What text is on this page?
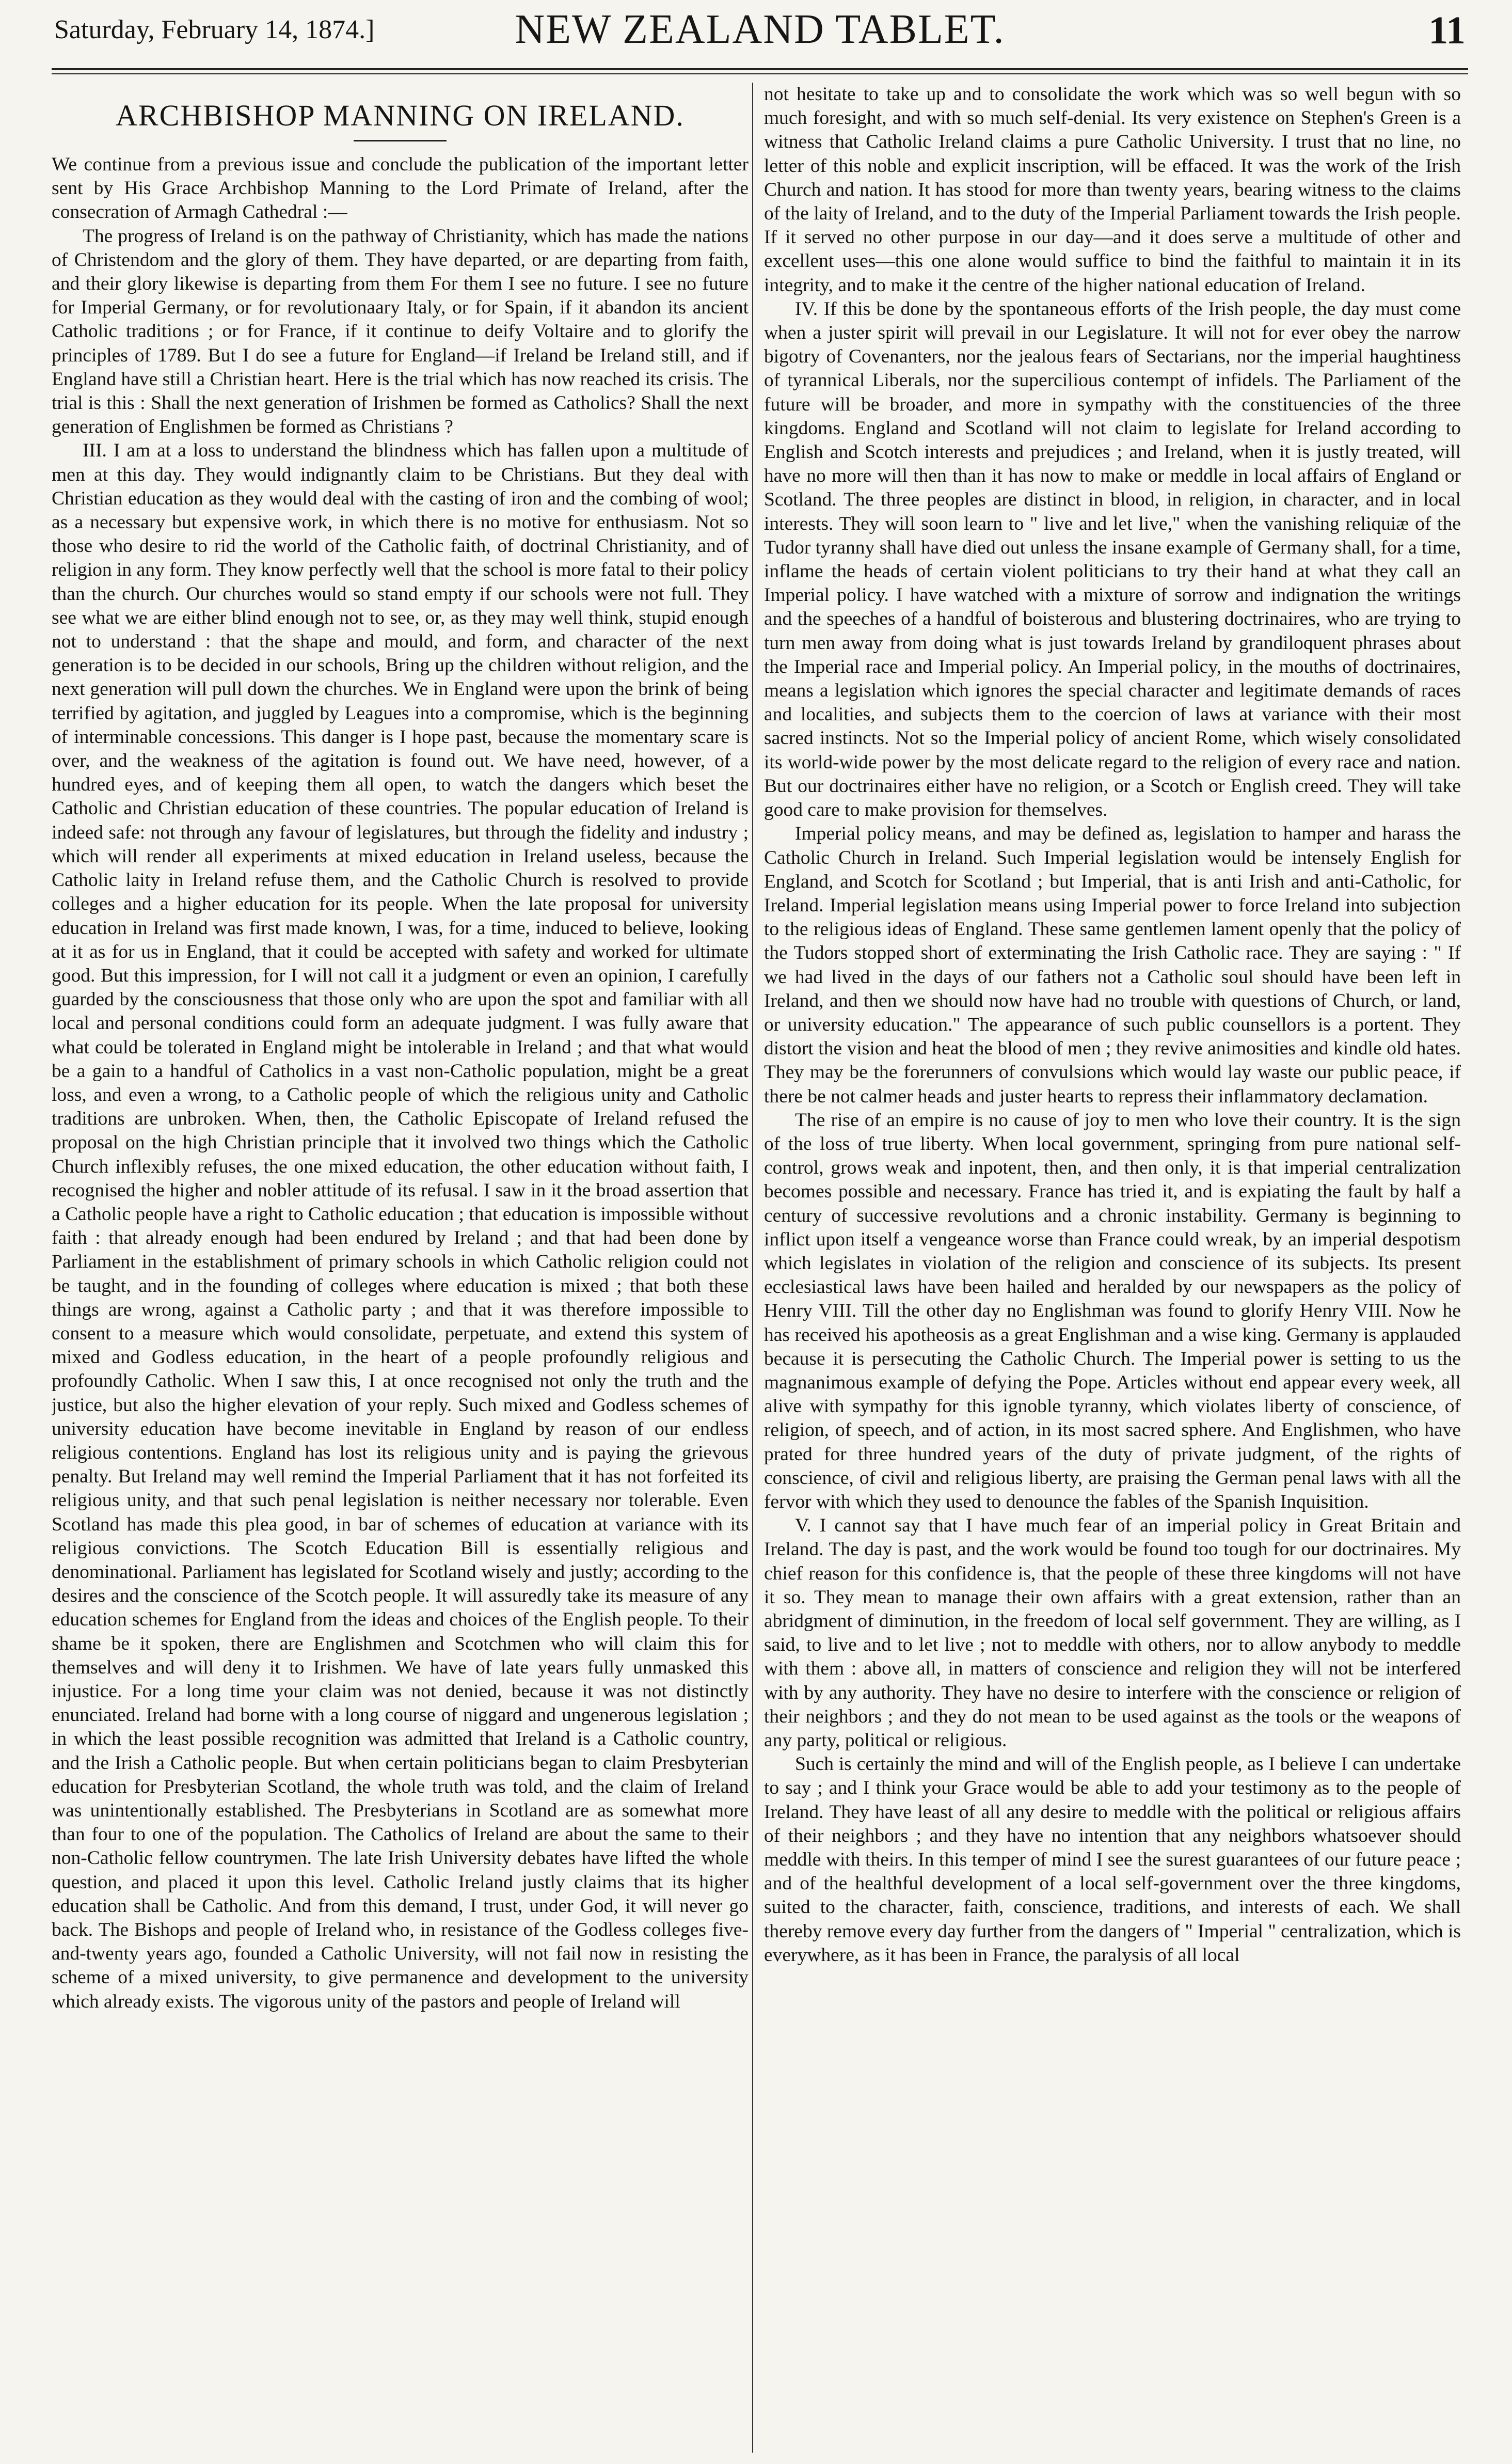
Saturday, February 14, 1874.]	NEW ZEALAND TABLET.	11
ARCHBISHOP MANNING ON IRELAND.

We continue from a previous issue and conclude the publication of the important letter sent by His Grace Archbishop Manning to the Lord Primate of Ireland, after the consecration of Armagh Cathedral :—

The progress of Ireland is on the pathway of Christianity, which has made the nations of Christendom and the glory of them. They have departed, or are departing from faith, and their glory likewise is departing from them For them I see no future. I see no future for Imperial Germany, or for revolutionaary Italy, or for Spain, if it abandon its ancient Catholic traditions ; or for France, if it continue to deify Voltaire and to glorify the principles of 1789. But I do see a future for England—if Ireland be Ireland still, and if England have still a Christian heart. Here is the trial which has now reached its crisis. The trial is this : Shall the next generation of Irishmen be formed as Catholics? Shall the next generation of Englishmen be formed as Christians ?

III. I am at a loss to understand the blindness which has fallen upon a multitude of men at this day. They would indignantly claim to be Christians. But they deal with Christian education as they would deal with the casting of iron and the combing of wool; as a necessary but expensive work, in which there is no motive for enthusiasm. Not so those who desire to rid the world of the Catholic faith, of doctrinal Christianity, and of religion in any form. They know perfectly well that the school is more fatal to their policy than the church. Our churches would so stand empty if our schools were not full. They see what we are either blind enough not to see, or, as they may well think, stupid enough not to understand : that the shape and mould, and form, and character of the next generation is to be decided in our schools, Bring up the children without religion, and the next generation will pull down the churches. We in England were upon the brink of being terrified by agitation, and juggled by Leagues into a compromise, which is the beginning of interminable concessions. This danger is I hope past, because the momentary scare is over, and the weakness of the agitation is found out. We have need, however, of a hundred eyes, and of keeping them all open, to watch the dangers which beset the Catholic and Christian education of these countries. The popular education of Ireland is indeed safe: not through any favour of legislatures, but through the fidelity and industry ; which will render all experiments at mixed education in Ireland useless, because the Catholic laity in Ireland refuse them, and the Catholic Church is resolved to provide colleges and a higher education for its people. When the late proposal for university education in Ireland was first made known, I was, for a time, induced to believe, looking at it as for us in England, that it could be accepted with safety and worked for ultimate good. But this impression, for I will not call it a judgment or even an opinion, I carefully guarded by the consciousness that those only who are upon the spot and familiar with all local and personal conditions could form an adequate judgment. I was fully aware that what could be tolerated in England might be intolerable in Ireland ; and that what would be a gain to a handful of Catholics in a vast non-Catholic population, might be a great loss, and even a wrong, to a Catholic people of which the religious unity and Catholic traditions are unbroken. When, then, the Catholic Episcopate of Ireland refused the proposal on the high Christian principle that it involved two things which the Catholic Church inflexibly refuses, the one mixed education, the other education without faith, I recognised the higher and nobler attitude of its refusal. I saw in it the broad assertion that a Catholic people have a right to Catholic education ; that education is impossible without faith : that already enough had been endured by Ireland ; and that had been done by Parliament in the establishment of primary schools in which Catholic religion could not be taught, and in the founding of colleges where education is mixed ; that both these things are wrong, against a Catholic party ; and that it was therefore impossible to consent to a measure which would consolidate, perpetuate, and extend this system of mixed and Godless education, in the heart of a people profoundly religious and profoundly Catholic. When I saw this, I at once recognised not only the truth and the justice, but also the higher elevation of your reply. Such mixed and Godless schemes of university education have become inevitable in England by reason of our endless religious contentions. England has lost its religious unity and is paying the grievous penalty. But Ireland may well remind the Imperial Parliament that it has not forfeited its religious unity, and that such penal legislation is neither necessary nor tolerable. Even Scotland has made this plea good, in bar of schemes of education at variance with its religious convictions. The Scotch Education Bill is essentially religious and denominational. Parliament has legislated for Scotland wisely and justly; according to the desires and the conscience of the Scotch people. It will assuredly take its measure of any education schemes for England from the ideas and choices of the English people. To their shame be it spoken, there are Englishmen and Scotchmen who will claim this for themselves and will deny it to Irishmen. We have of late years fully unmasked this injustice. For a long time your claim was not denied, because it was not distinctly enunciated. Ireland had borne with a long course of niggard and ungenerous legislation ; in which the least possible recognition was admitted that Ireland is a Catholic country, and the Irish a Catholic people. But when certain politicians began to claim Presbyterian education for Presbyterian Scotland, the whole truth was told, and the claim of Ireland was unintentionally established. The Presbyterians in Scotland are as somewhat more than four to one of the population. The Catholics of Ireland are about the same to their non-Catholic fellow countrymen. The late Irish University debates have lifted the whole question, and placed it upon this level. Catholic Ireland justly claims that its higher education shall be Catholic. And from this demand, I trust, under God, it will never go back. The Bishops and people of Ireland who, in resistance of the Godless colleges five-and-twenty years ago, founded a Catholic University, will not fail now in resisting the scheme of a mixed university, to give permanence and development to the university which already exists. The vigorous unity of the pastors and people of Ireland will

not hesitate to take up and to consolidate the work which was so well begun with so much foresight, and with so much self-denial. Its very existence on Stephen's Green is a witness that Catholic Ireland claims a pure Catholic University. I trust that no line, no letter of this noble and explicit inscription, will be effaced. It was the work of the Irish Church and nation. It has stood for more than twenty years, bearing witness to the claims of the laity of Ireland, and to the duty of the Imperial Parliament towards the Irish people. If it served no other purpose in our day—and it does serve a multitude of other and excellent uses—this one alone would suffice to bind the faithful to maintain it in its integrity, and to make it the centre of the higher national education of Ireland.

IV. If this be done by the spontaneous efforts of the Irish people, the day must come when a juster spirit will prevail in our Legislature. It will not for ever obey the narrow bigotry of Covenanters, nor the jealous fears of Sectarians, nor the imperial haughtiness of tyrannical Liberals, nor the supercilious contempt of infidels. The Parliament of the future will be broader, and more in sympathy with the constituencies of the three kingdoms. England and Scotland will not claim to legislate for Ireland according to English and Scotch interests and prejudices ; and Ireland, when it is justly treated, will have no more will then than it has now to make or meddle in local affairs of England or Scotland. The three peoples are distinct in blood, in religion, in character, and in local interests. They will soon learn to " live and let live," when the vanishing reliquiæ of the Tudor tyranny shall have died out unless the insane example of Germany shall, for a time, inflame the heads of certain violent politicians to try their hand at what they call an Imperial policy. I have watched with a mixture of sorrow and indignation the writings and the speeches of a handful of boisterous and blustering doctrinaires, who are trying to turn men away from doing what is just towards Ireland by grandiloquent phrases about the Imperial race and Imperial policy. An Imperial policy, in the mouths of doctrinaires, means a legislation which ignores the special character and legitimate demands of races and localities, and subjects them to the coercion of laws at variance with their most sacred instincts. Not so the Imperial policy of ancient Rome, which wisely consolidated its world-wide power by the most delicate regard to the religion of every race and nation. But our doctrinaires either have no religion, or a Scotch or English creed. They will take good care to make provision for themselves.

Imperial policy means, and may be defined as, legislation to hamper and harass the Catholic Church in Ireland. Such Imperial legislation would be intensely English for England, and Scotch for Scotland ; but Imperial, that is anti Irish and anti-Catholic, for Ireland. Imperial legislation means using Imperial power to force Ireland into subjection to the religious ideas of England. These same gentlemen lament openly that the policy of the Tudors stopped short of exterminating the Irish Catholic race. They are saying : " If we had lived in the days of our fathers not a Catholic soul should have been left in Ireland, and then we should now have had no trouble with questions of Church, or land, or university education." The appearance of such public counsellors is a portent. They distort the vision and heat the blood of men ; they revive animosities and kindle old hates. They may be the forerunners of convulsions which would lay waste our public peace, if there be not calmer heads and juster hearts to repress their inflammatory declamation.

The rise of an empire is no cause of joy to men who love their country. It is the sign of the loss of true liberty. When local government, springing from pure national self-control, grows weak and inpotent, then, and then only, it is that imperial centralization becomes possible and necessary. France has tried it, and is expiating the fault by half a century of successive revolutions and a chronic instability. Germany is beginning to inflict upon itself a vengeance worse than France could wreak, by an imperial despotism which legislates in violation of the religion and conscience of its subjects. Its present ecclesiastical laws have been hailed and heralded by our newspapers as the policy of Henry VIII. Till the other day no Englishman was found to glorify Henry VIII. Now he has received his apotheosis as a great Englishman and a wise king. Germany is applauded because it is persecuting the Catholic Church. The Imperial power is setting to us the magnanimous example of defying the Pope. Articles without end appear every week, all alive with sympathy for this ignoble tyranny, which violates liberty of conscience, of religion, of speech, and of action, in its most sacred sphere. And Englishmen, who have prated for three hundred years of the duty of private judgment, of the rights of conscience, of civil and religious liberty, are praising the German penal laws with all the fervor with which they used to denounce the fables of the Spanish Inquisition.

V. I cannot say that I have much fear of an imperial policy in Great Britain and Ireland. The day is past, and the work would be found too tough for our doctrinaires. My chief reason for this confidence is, that the people of these three kingdoms will not have it so. They mean to manage their own affairs with a great extension, rather than an abridgment of diminution, in the freedom of local self government. They are willing, as I said, to live and to let live ; not to meddle with others, nor to allow anybody to meddle with them : above all, in matters of conscience and religion they will not be interfered with by any authority. They have no desire to interfere with the conscience or religion of their neighbors ; and they do not mean to be used against as the tools or the weapons of any party, political or religious.

Such is certainly the mind and will of the English people, as I believe I can undertake to say ; and I think your Grace would be able to add your testimony as to the people of Ireland. They have least of all any desire to meddle with the political or religious affairs of their neighbors ; and they have no intention that any neighbors whatsoever should meddle with theirs. In this temper of mind I see the surest guarantees of our future peace ; and of the healthful development of a local self-government over the three kingdoms, suited to the character, faith, conscience, traditions, and interests of each. We shall thereby remove every day further from the dangers of " Imperial " centralization, which is everywhere, as it has been in France, the paralysis of all local
